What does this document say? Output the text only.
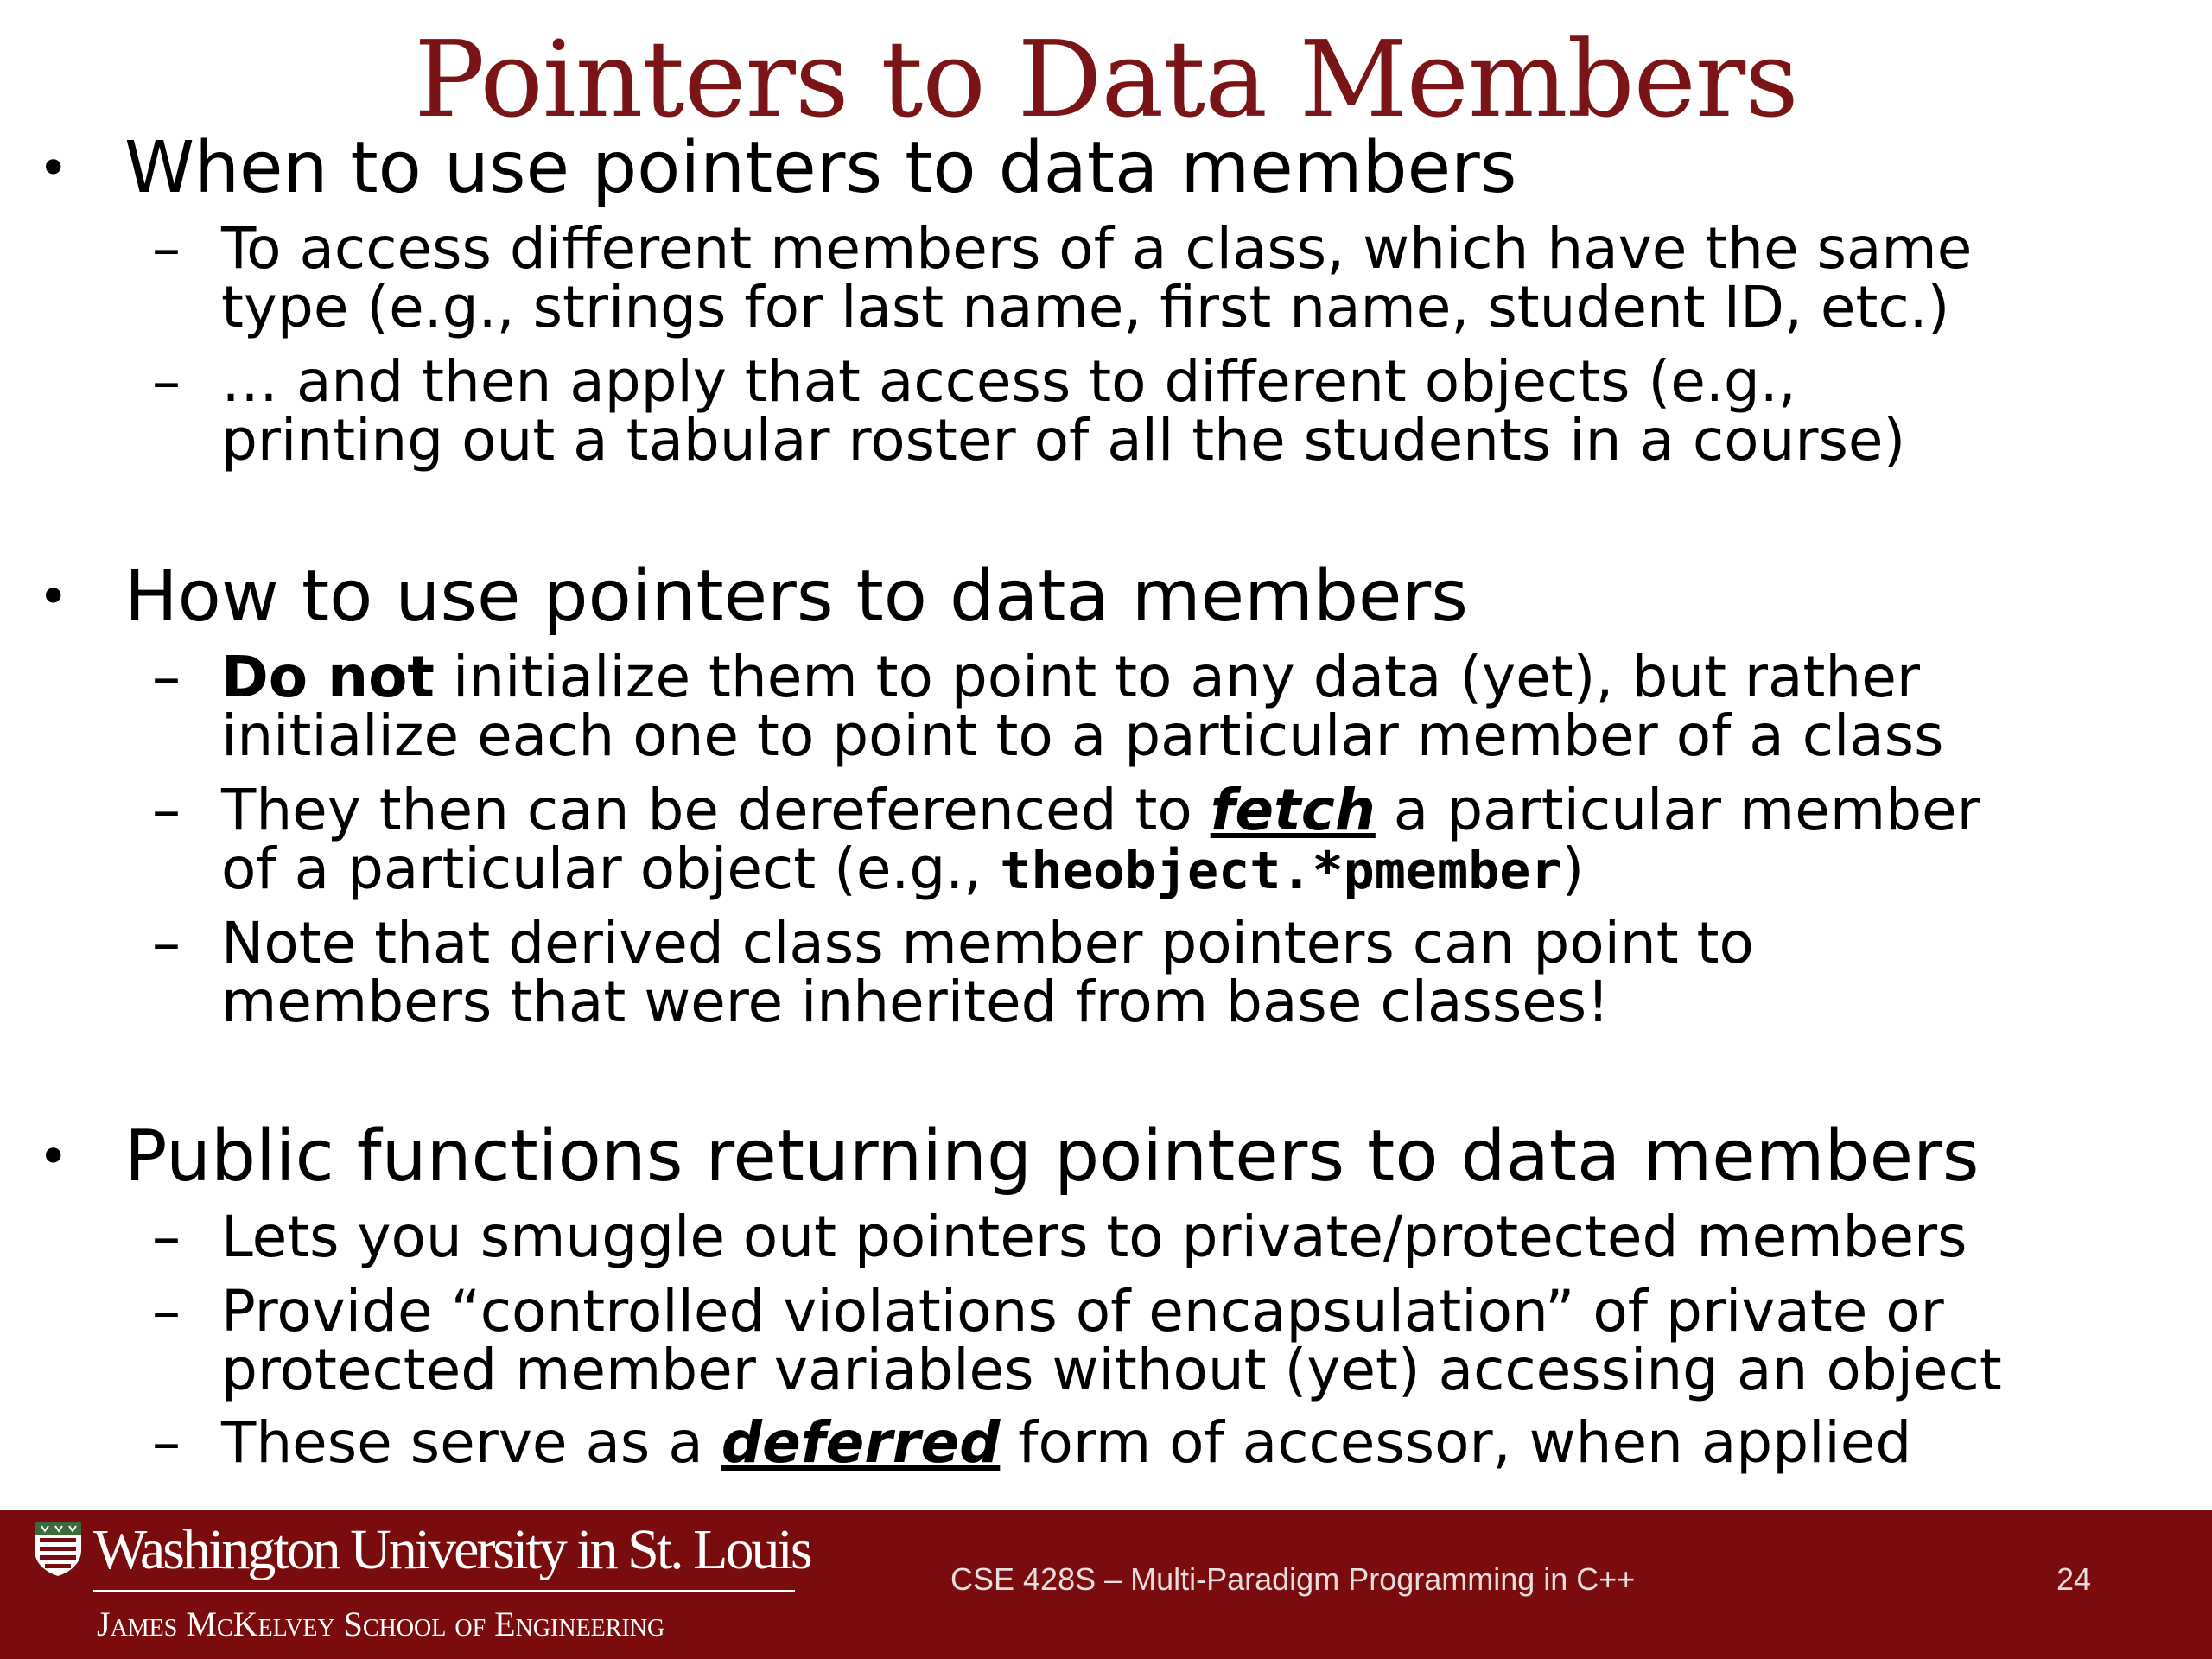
Pointers to Data Members
• When to use pointers to data members
– To access different members of a class, which have the same
type (e.g., strings for last name, first name, student ID, etc.)
– … and then apply that access to different objects (e.g.,
printing out a tabular roster of all the students in a course)
• How to use pointers to data members
– Do not initialize them to point to any data (yet), but rather
initialize each one to point to a particular member of a class
– They then can be dereferenced to fetch a particular member
of a particular object (e.g., theobject.*pmember)
– Note that derived class member pointers can point to
members that were inherited from base classes!
• Public functions returning pointers to data members
– Lets you smuggle out pointers to private/protected members
– Provide “controlled violations of encapsulation” of private or
protected member variables without (yet) accessing an object
– These serve as a deferred form of accessor, when applied
Washington University in St. Louis
James McKelvey School of Engineering
CSE 428S – Multi-Paradigm Programming in C++	24
